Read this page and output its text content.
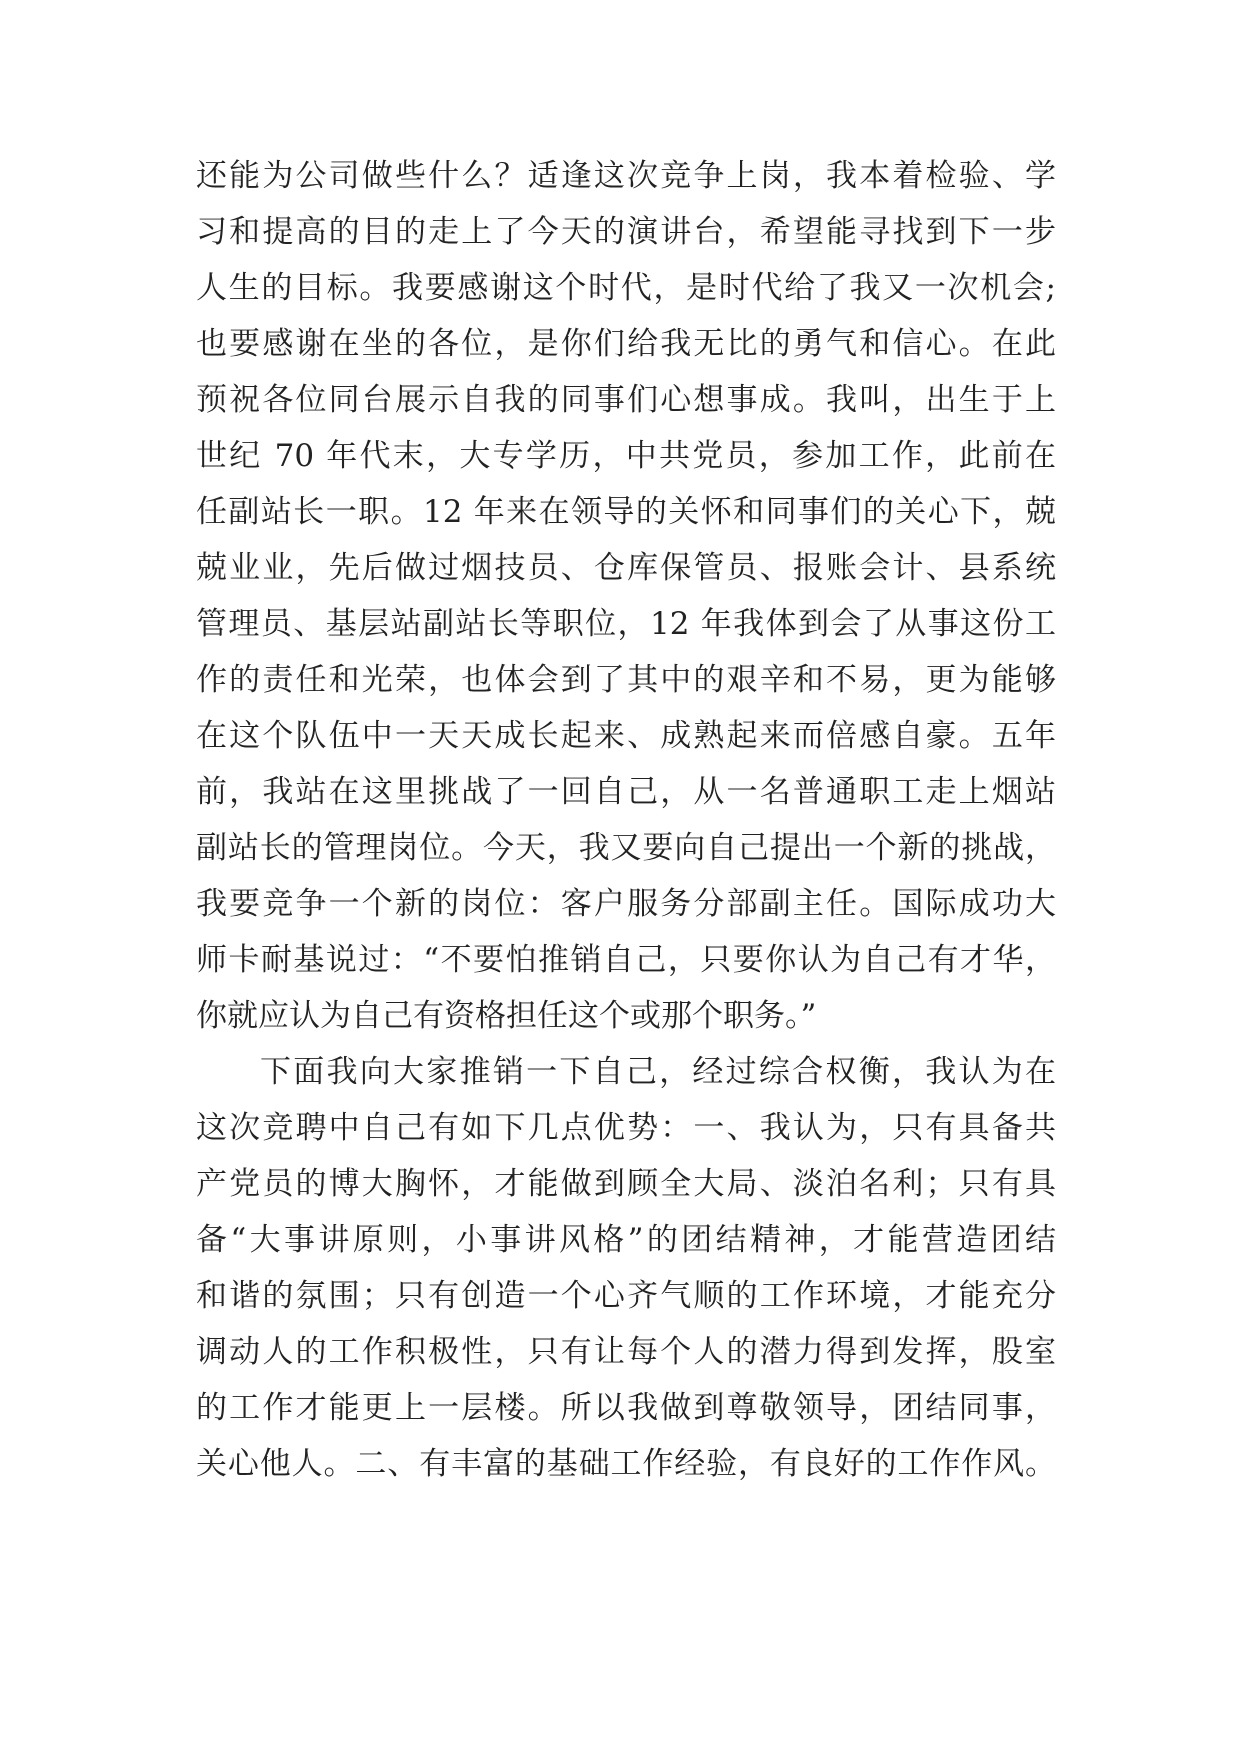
还能为公司做些什么？适逢这次竞争上岗，我本着检验、学
习和提高的目的走上了今天的演讲台，希望能寻找到下一步
人生的目标。我要感谢这个时代，是时代给了我又一次机会;
也要感谢在坐的各位，是你们给我无比的勇气和信心。在此
预祝各位同台展示自我的同事们心想事成。我叫，出生于上
世纪 70 年代末，大专学历，中共党员，参加工作，此前在
任副站长一职。12 年来在领导的关怀和同事们的关心下，兢
兢业业，先后做过烟技员、仓库保管员、报账会计、县系统
管理员、基层站副站长等职位，12 年我体到会了从事这份工
作的责任和光荣，也体会到了其中的艰辛和不易，更为能够
在这个队伍中一天天成长起来、成熟起来而倍感自豪。五年
前，我站在这里挑战了一回自己，从一名普通职工走上烟站
副站长的管理岗位。今天，我又要向自己提出一个新的挑战，
我要竞争一个新的岗位：客户服务分部副主任。国际成功大
师卡耐基说过：“不要怕推销自己，只要你认为自己有才华，
你就应认为自己有资格担任这个或那个职务。”
下面我向大家推销一下自己，经过综合权衡，我认为在
这次竞聘中自己有如下几点优势：一、我认为，只有具备共
产党员的博大胸怀，才能做到顾全大局、淡泊名利；只有具
备“大事讲原则，小事讲风格”的团结精神，才能营造团结
和谐的氛围；只有创造一个心齐气顺的工作环境，才能充分
调动人的工作积极性，只有让每个人的潜力得到发挥，股室
的工作才能更上一层楼。所以我做到尊敬领导，团结同事，
关心他人。二、有丰富的基础工作经验，有良好的工作作风。
